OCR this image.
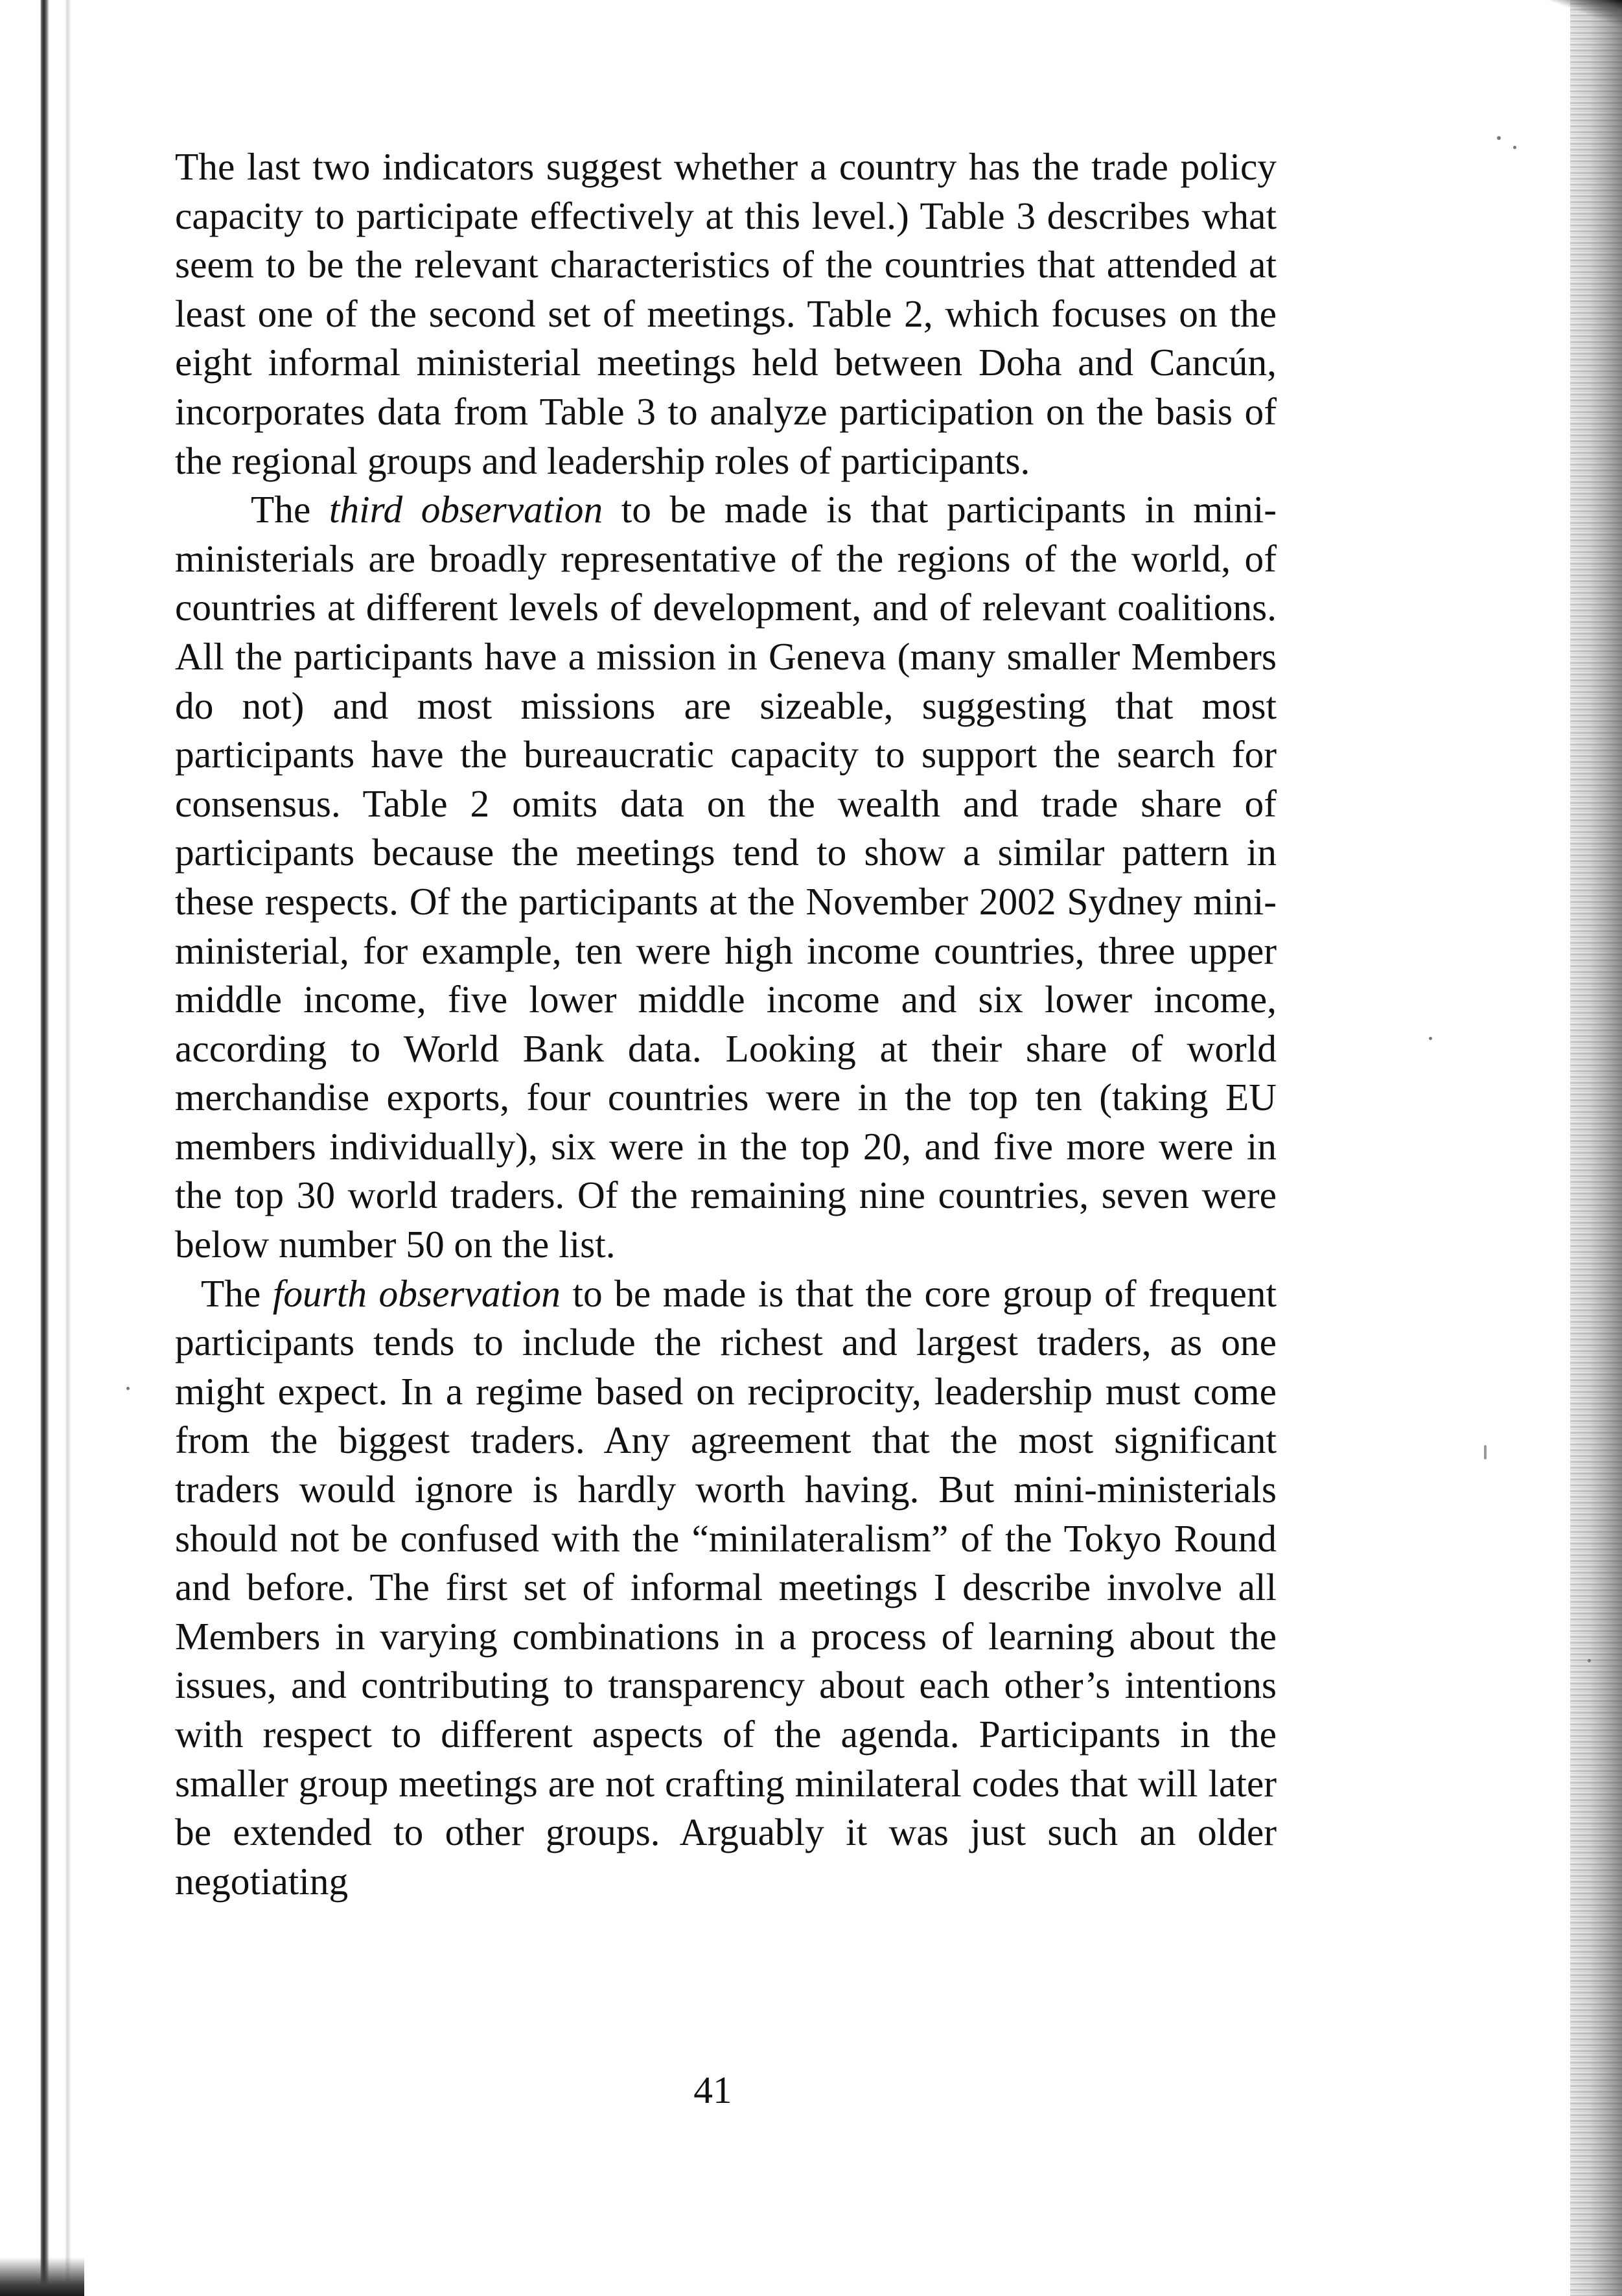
The last two indicators suggest whether a country has the trade policy capacity to participate effectively at this level.) Table 3 describes what seem to be the relevant characteristics of the countries that attended at least one of the second set of meetings. Table 2, which focuses on the eight informal ministerial meetings held between Doha and Cancún, incorporates data from Table 3 to analyze participation on the basis of the regional groups and leadership roles of participants.

The third observation to be made is that participants in mini-ministerials are broadly representative of the regions of the world, of countries at different levels of development, and of relevant coalitions. All the participants have a mission in Geneva (many smaller Members do not) and most missions are sizeable, suggesting that most participants have the bureaucratic capacity to support the search for consensus. Table 2 omits data on the wealth and trade share of participants because the meetings tend to show a similar pattern in these respects. Of the participants at the November 2002 Sydney mini-ministerial, for example, ten were high income countries, three upper middle income, five lower middle income and six lower income, according to World Bank data. Looking at their share of world merchandise exports, four countries were in the top ten (taking EU members individually), six were in the top 20, and five more were in the top 30 world traders. Of the remaining nine countries, seven were below number 50 on the list.

The fourth observation to be made is that the core group of frequent participants tends to include the richest and largest traders, as one might expect. In a regime based on reciprocity, leadership must come from the biggest traders. Any agreement that the most significant traders would ignore is hardly worth having. But mini-ministerials should not be confused with the “minilateralism” of the Tokyo Round and before. The first set of informal meetings I describe involve all Members in varying combinations in a process of learning about the issues, and contributing to transparency about each other’s intentions with respect to different aspects of the agenda. Participants in the smaller group meetings are not crafting minilateral codes that will later be extended to other groups. Arguably it was just such an older negotiating

41
